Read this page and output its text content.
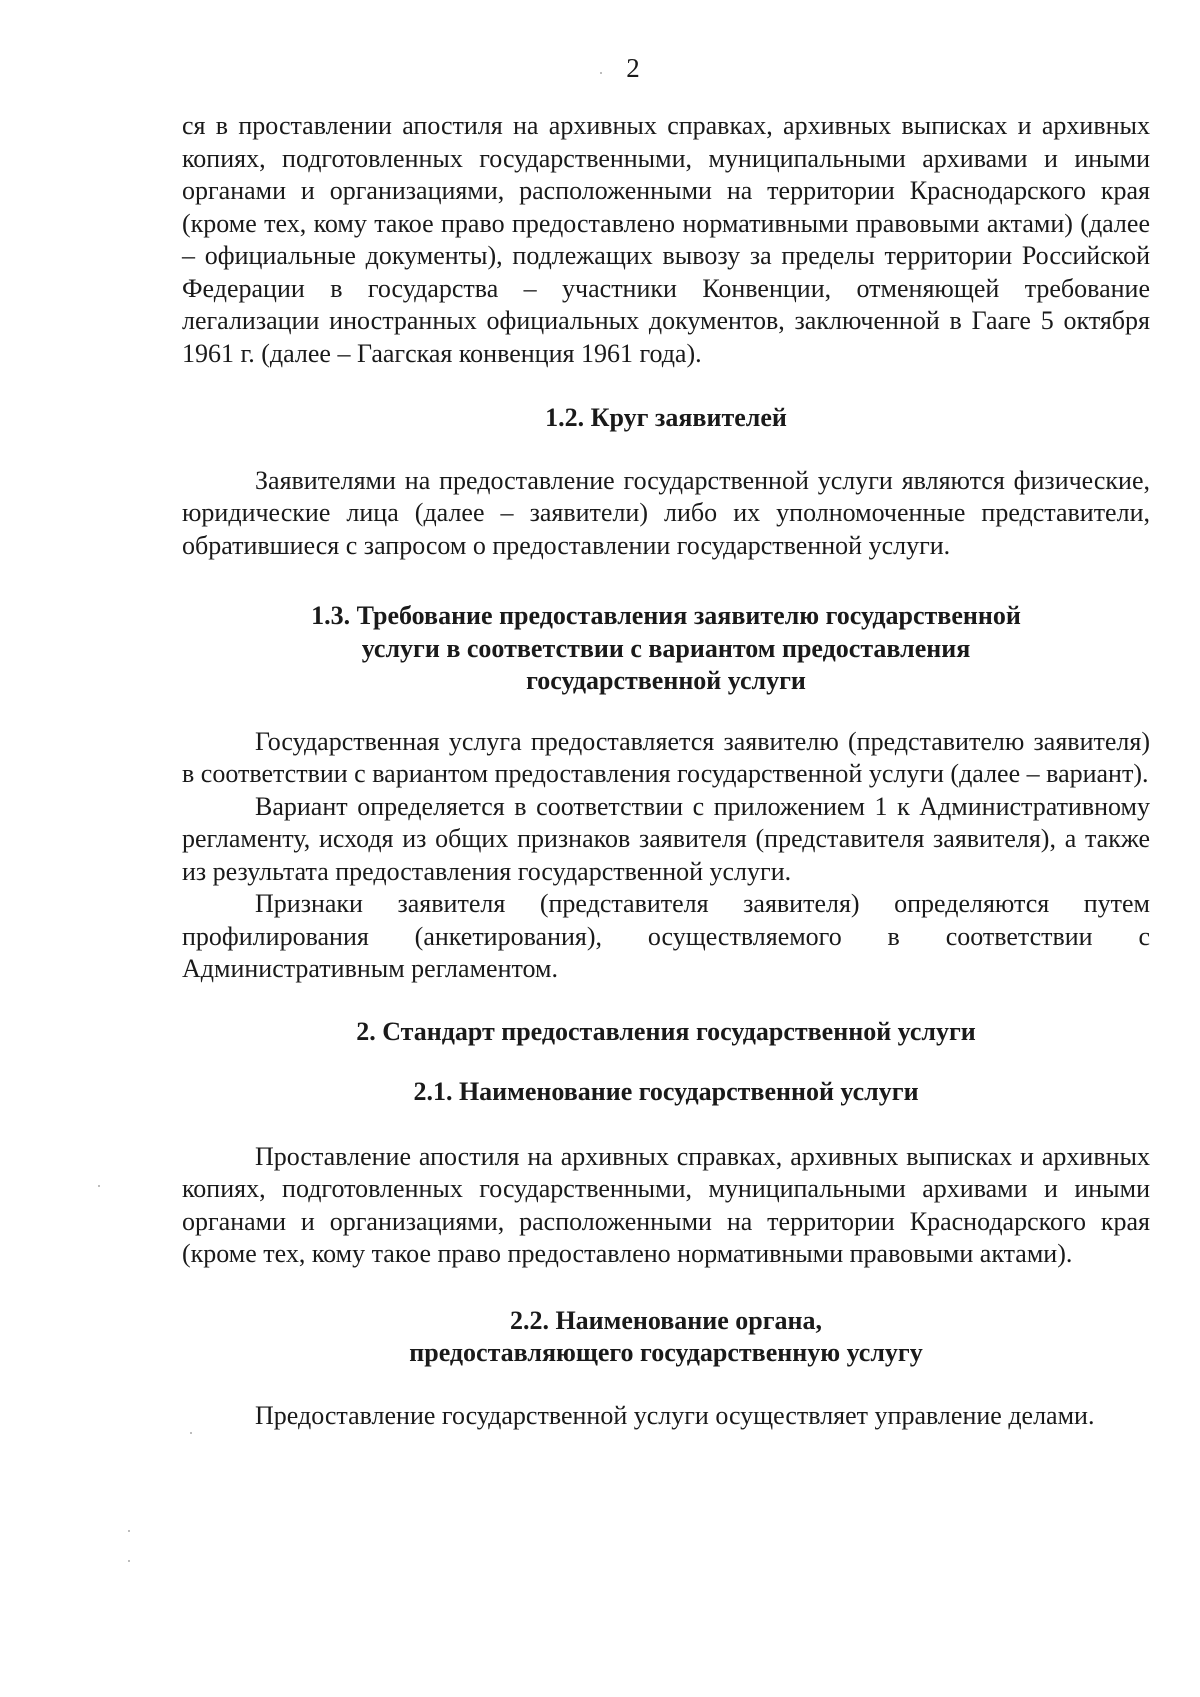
2

ся в проставлении апостиля на архивных справках, архивных выписках и архивных копиях, подготовленных государственными, муниципальными архивами и иными органами и организациями, расположенными на территории Краснодарского края (кроме тех, кому такое право предоставлено нормативными правовыми актами) (далее – официальные документы), подлежащих вывозу за пределы территории Российской Федерации в государства – участники Конвенции, отменяющей требование легализации иностранных официальных документов, заключенной в Гааге 5 октября 1961 г. (далее – Гаагская конвенция 1961 года).

1.2. Круг заявителей

Заявителями на предоставление государственной услуги являются физические, юридические лица (далее – заявители) либо их уполномоченные представители, обратившиеся с запросом о предоставлении государственной услуги.

1.3. Требование предоставления заявителю государственной
услуги в соответствии с вариантом предоставления
государственной услуги

Государственная услуга предоставляется заявителю (представителю заявителя) в соответствии с вариантом предоставления государственной услуги (далее – вариант).

Вариант определяется в соответствии с приложением 1 к Административному регламенту, исходя из общих признаков заявителя (представителя заявителя), а также из результата предоставления государственной услуги.

Признаки заявителя (представителя заявителя) определяются путем профилирования (анкетирования), осуществляемого в соответствии с Административным регламентом.

2. Стандарт предоставления государственной услуги
2.1. Наименование государственной услуги

Проставление апостиля на архивных справках, архивных выписках и архивных копиях, подготовленных государственными, муниципальными архивами и иными органами и организациями, расположенными на территории Краснодарского края (кроме тех, кому такое право предоставлено нормативными правовыми актами).

2.2. Наименование органа,
предоставляющего государственную услугу

Предоставление государственной услуги осуществляет управление делами.
